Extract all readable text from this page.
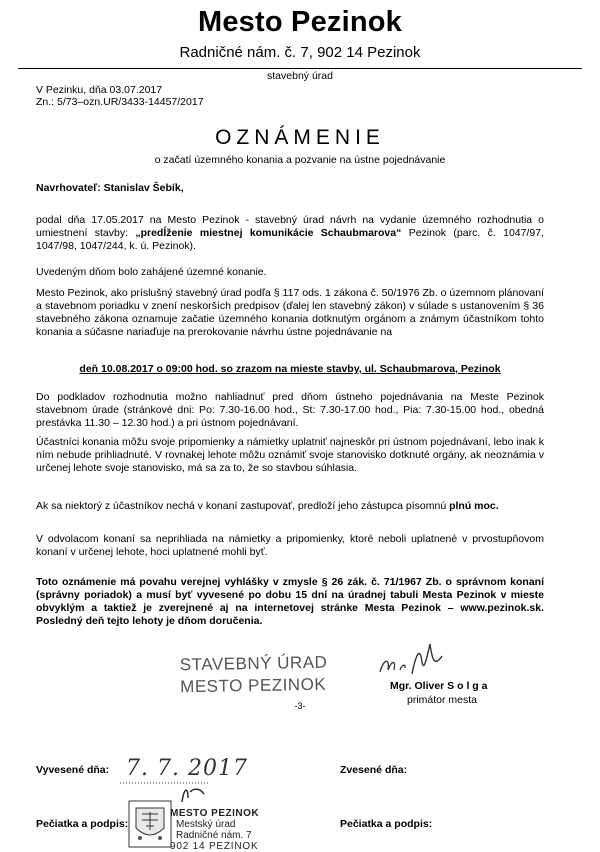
Mesto Pezinok
Radničné nám. č. 7, 902 14 Pezinok
stavebný úrad
V Pezinku, dňa 03.07.2017
Zn.: 5/73–ozn.UR/3433-14457/2017
OZNÁMENIE
o začatí územného konania a pozvanie na ústne pojednávanie
Navrhovateľ: Stanislav Šebík,
podal dňa 17.05.2017 na Mesto Pezinok - stavebný úrad návrh na vydanie územného rozhodnutia o umiestnení stavby: „predĺženie miestnej komunikácie Schaubmarova“ Pezinok (parc. č. 1047/97, 1047/98, 1047/244, k. ú. Pezinok).
Uvedeným dňom bolo zahájené územné konanie.
Mesto Pezinok, ako príslušný stavebný úrad podľa § 117 ods. 1 zákona č. 50/1976 Zb. o územnom plánovaní a stavebnom poriadku v znení neskorších predpisov (ďalej len stavebný zákon) v súlade s ustanovením § 36 stavebného zákona oznamuje začatie územného konania dotknutým orgánom a známym účastníkom tohto konania a súčasne nariaďuje na prerokovanie návrhu ústne pojednávanie na
deň 10.08.2017 o 09:00 hod. so zrazom na mieste stavby, ul. Schaubmarova, Pezinok
Do podkladov rozhodnutia možno nahliadnuť pred dňom ústneho pojednávania na Meste Pezinok stavebnom úrade (stránkové dni: Po: 7.30-16.00 hod., St: 7.30-17.00 hod., Pia: 7.30-15.00 hod., obedná prestávka 11.30 – 12.30 hod.) a pri ústnom pojednávaní.
Účastníci konania môžu svoje pripomienky a námietky uplatniť najneskôr pri ústnom pojednávaní, lebo inak k ním nebude prihliadnuté. V rovnakej lehote môžu oznámiť svoje stanovisko dotknuté orgány, ak neoznámia v určenej lehote svoje stanovisko, má sa za to, že so stavbou súhlasia.
Ak sa niektorý z účastníkov nechá v konaní zastupovať, predloží jeho zástupca písomnú plnú moc.
V odvolacom konaní sa neprihliada na námietky a pripomienky, ktoré neboli uplatnené v prvostupňovom konaní v určenej lehote, hoci uplatnené mohli byť.
Toto oznámenie má povahu verejnej vyhlášky v zmysle § 26 zák. č. 71/1967 Zb. o správnom konaní (správny poriadok) a musí byť vyvesené po dobu 15 dní na úradnej tabuli Mesta Pezinok v mieste obvyklým a taktiež je zverejnené aj na internetovej stránke Mesta Pezinok – www.pezinok.sk. Posledný deň tejto lehoty je dňom doručenia.
STAVEBNÝ ÚRAD
MESTO PEZINOK	Mgr. Oliver S o l g a
primátor mesta
-3-
Vyvesené dňa: 7. 7. 2017	Zvesené dňa:
Pečiatka a podpis:
MESTO PEZINOK
Mestský úrad
Radničné nám. 7
902 14 PEZINOK
Pečiatka a podpis:
